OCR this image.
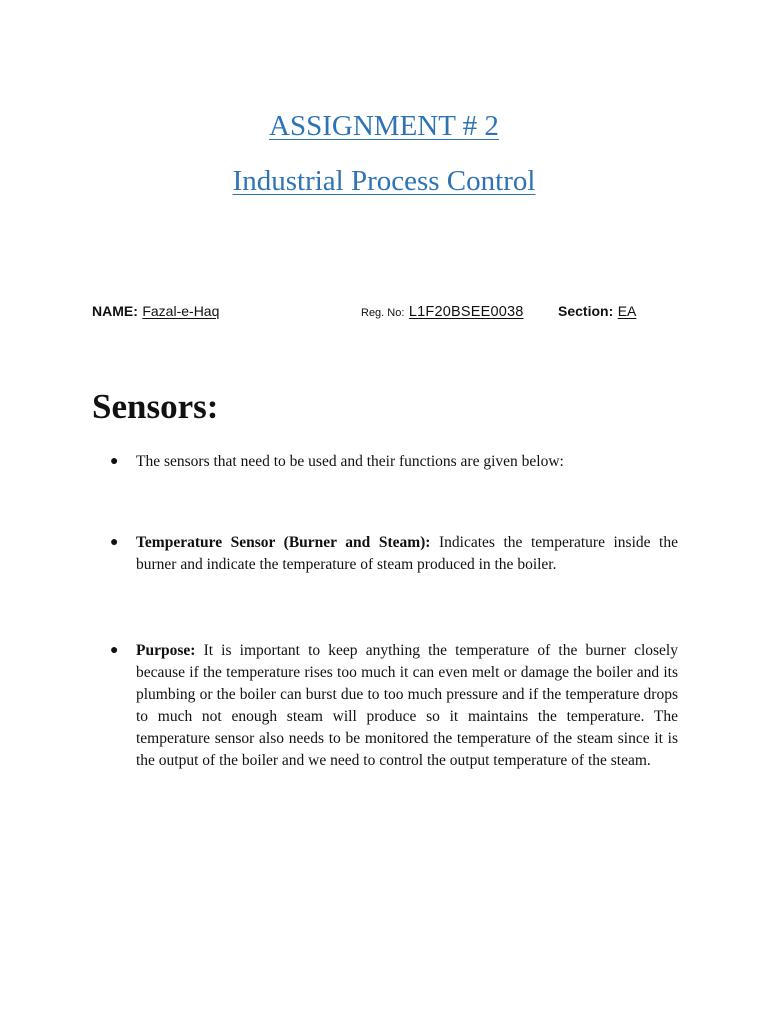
ASSIGNMENT # 2
Industrial Process Control
NAME: Fazal-e-Haq	Reg. No: L1F20BSEE0038 Section: EA
Sensors:
● The sensors that need to be used and their functions are given below:
● Temperature Sensor (Burner and Steam): Indicates the temperature inside the burner and indicate the temperature of steam produced in the boiler.
● Purpose: It is important to keep anything the temperature of the burner closely because if the temperature rises too much it can even melt or damage the boiler and its plumbing or the boiler can burst due to too much pressure and if the temperature drops to much not enough steam will produce so it maintains the temperature. The temperature sensor also needs to be monitored the temperature of the steam since it is the output of the boiler and we need to control the output temperature of the steam.
